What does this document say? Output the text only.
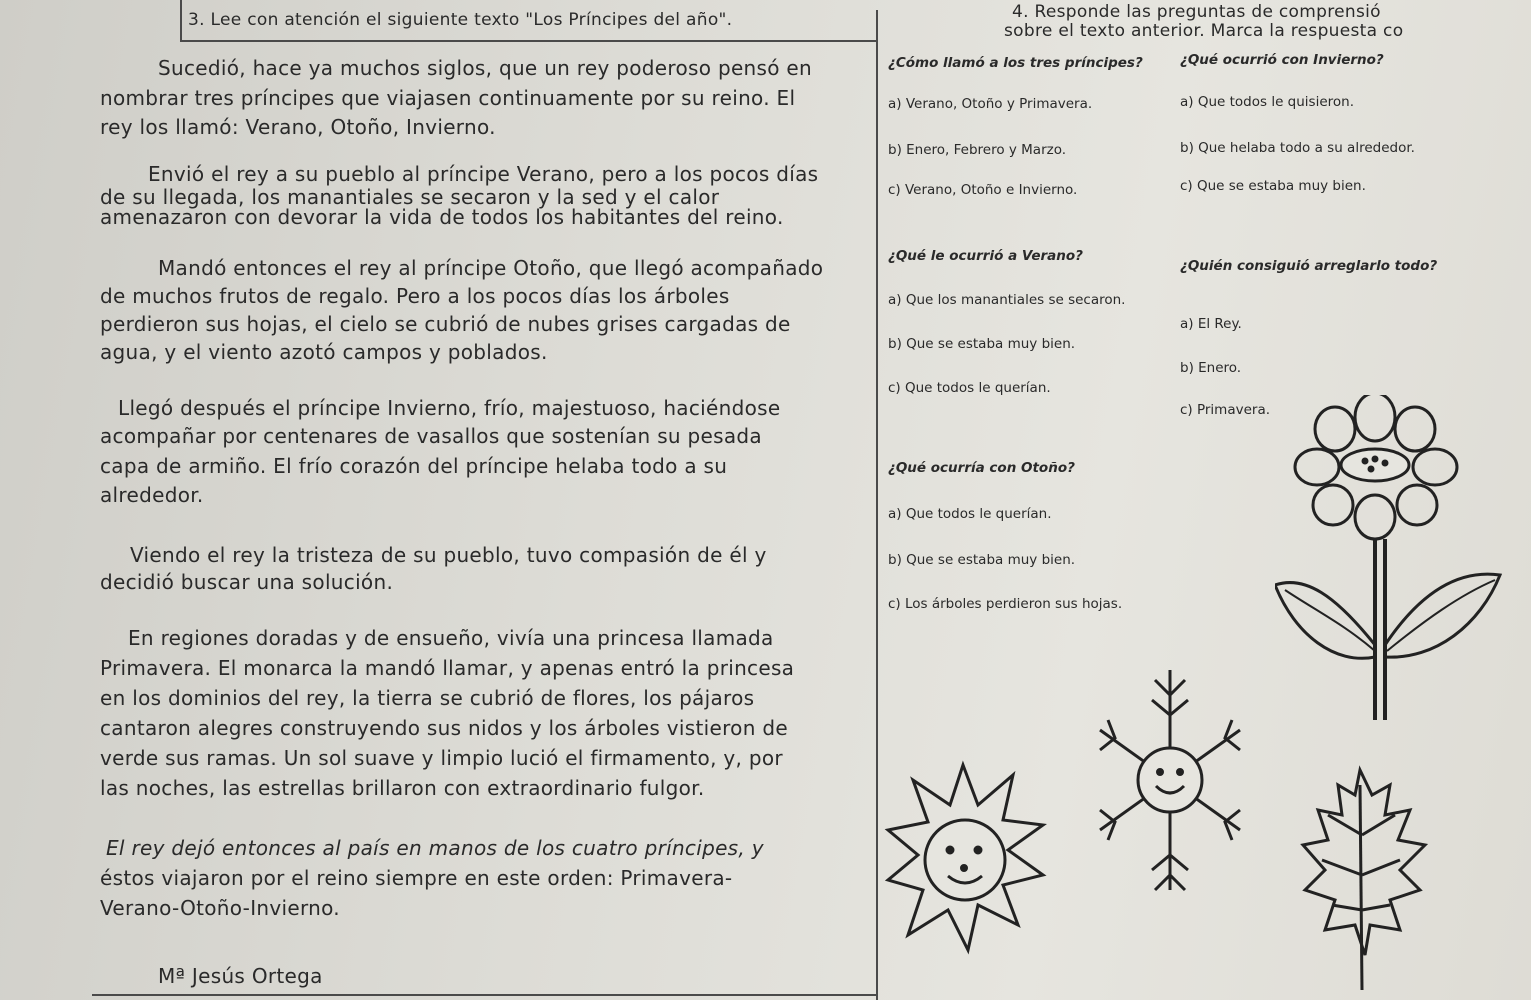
3. Lee con atención el siguiente texto "Los Príncipes del año".
Sucedió, hace ya muchos siglos, que un rey poderoso pensó en
nombrar tres príncipes que viajasen continuamente por su reino. El
rey los llamó: Verano, Otoño, Invierno.
Envió el rey a su pueblo al príncipe Verano, pero a los pocos días
de su llegada, los manantiales se secaron y la sed y el calor
amenazaron con devorar la vida de todos los habitantes del reino.
Mandó entonces el rey al príncipe Otoño, que llegó acompañado
de muchos frutos de regalo. Pero a los pocos días los árboles
perdieron sus hojas, el cielo se cubrió de nubes grises cargadas de
agua, y el viento azotó campos y poblados.
Llegó después el príncipe Invierno, frío, majestuoso, haciéndose
acompañar por centenares de vasallos que sostenían su pesada
capa de armiño. El frío corazón del príncipe helaba todo a su
alrededor.
Viendo el rey la tristeza de su pueblo, tuvo compasión de él y
decidió buscar una solución.
En regiones doradas y de ensueño, vivía una princesa llamada
Primavera. El monarca la mandó llamar, y apenas entró la princesa
en los dominios del rey, la tierra se cubrió de flores, los pájaros
cantaron alegres construyendo sus nidos y los árboles vistieron de
verde sus ramas. Un sol suave y limpio lució el firmamento, y, por
las noches, las estrellas brillaron con extraordinario fulgor.
El rey dejó entonces al país en manos de los cuatro príncipes, y
éstos viajaron por el reino siempre en este orden: Primavera-
Verano-Otoño-Invierno.
Mª Jesús Ortega
4. Responde las preguntas de comprensió
sobre el texto anterior. Marca la respuesta co
¿Cómo llamó a los tres príncipes?
a) Verano, Otoño y Primavera.
b) Enero, Febrero y Marzo.
c) Verano, Otoño e Invierno.
¿Qué ocurrió con Invierno?
a) Que todos le quisieron.
b) Que helaba todo a su alrededor.
c) Que se estaba muy bien.
¿Qué le ocurrió a Verano?
a) Que los manantiales se secaron.
b) Que se estaba muy bien.
c) Que todos le querían.
¿Quién consiguió arreglarlo todo?
a) El Rey.
b) Enero.
c) Primavera.
¿Qué ocurría con Otoño?
a) Que todos le querían.
b) Que se estaba muy bien.
c) Los árboles perdieron sus hojas.
